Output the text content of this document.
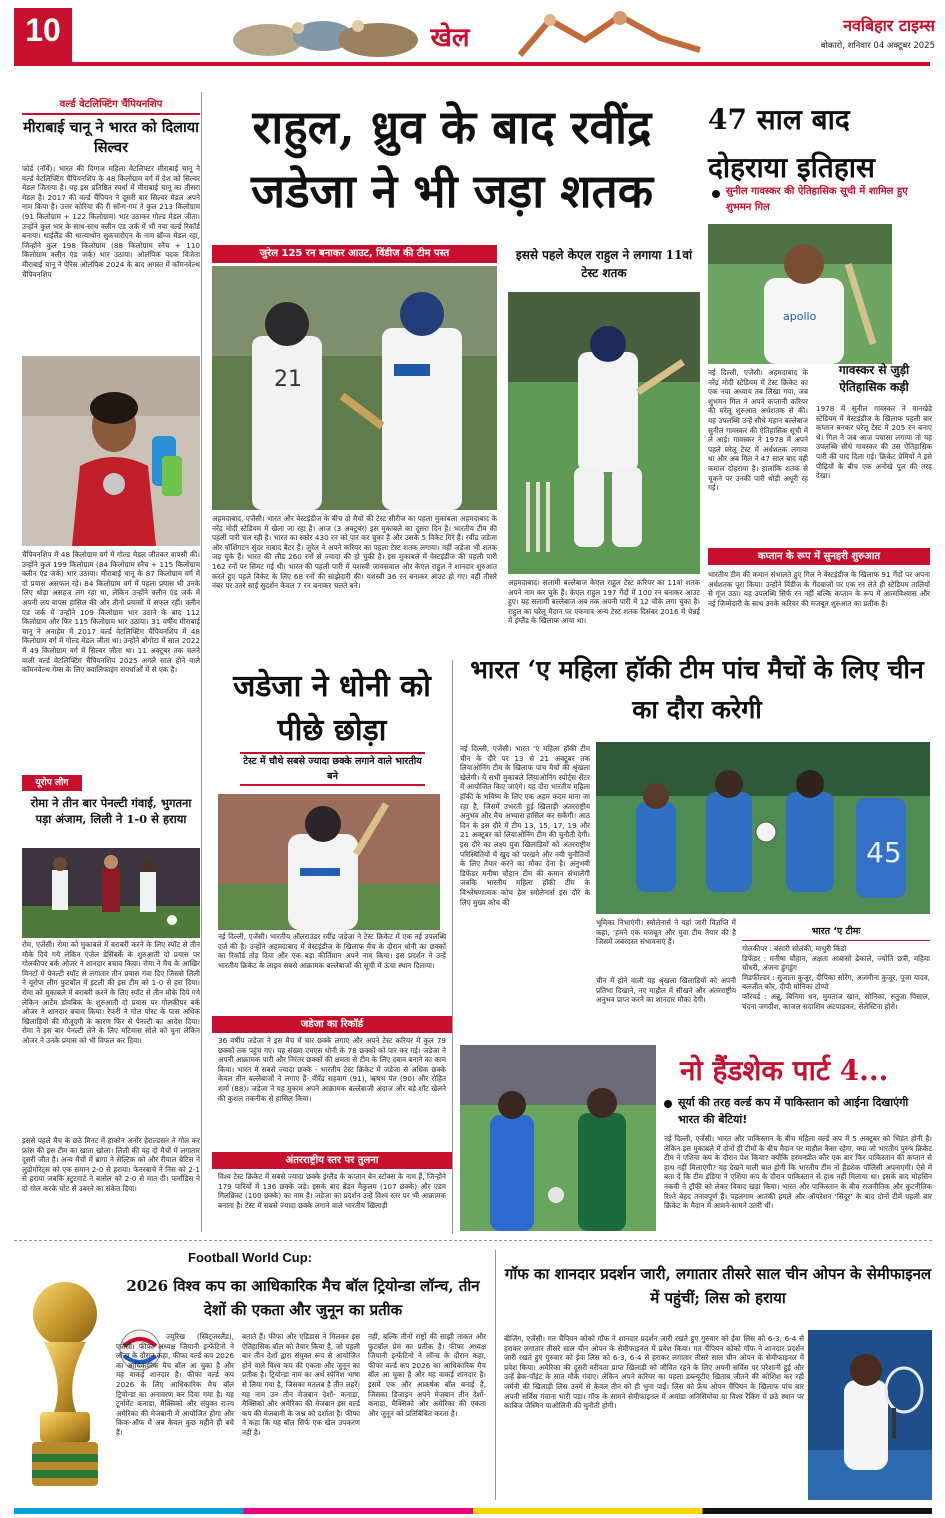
10	खेल	नवबिहार टाइम्स
बोकारो, शनिवार 04 अक्टूबर 2025
वर्ल्ड वेटलिफ्टिंग चैंपियनशिप
मीराबाई चानू ने भारत को दिलाया सिल्वर
फोर्ड (नॉर्वे)। भारत की दिग्गज महिला वेटलिफ्टर मीराबाई चानू ने वर्ल्ड वेटलिफ्टिंग चैंपियनशिप के 48 किलोग्राम वर्ग में देश को सिल्वर मेडल जिताया है। यह इस प्रतिष्ठित स्पर्धा में मीराबाई चानू का तीसरा मेडल है। 2017 की वर्ल्ड चैंपियन ने दूसरी बार सिल्वर मेडल अपने नाम किया है। उत्तर कोरिया की री सॉन्ग-गम ने कुल 213 किलोग्राम (91 किलोग्राम + 122 किलोग्राम) भार उठाकर गोल्ड मेडल जीता। उन्होंने कुल भार के साथ-साथ क्लीन एंड जर्क में भी नया वर्ल्ड रिकॉर्ड बनाया। थाईलैंड की थान्याथोन सुकचारोएन के नाम ब्रॉन्ज मेडल रहा, जिन्होंने कुल 198 किलोग्राम (88 किलोग्राम स्नैच + 110 किलोग्राम क्लीन एंड जर्क) भार उठाया। ओलंपिक पदक विजेता मीराबाई चानू ने पेरिस ओलंपिक 2024 के बाद अगस्त में कॉमनवेल्थ चैंपियनशिप
चैंपियनशिप में 48 किलोग्राम वर्ग में गोल्ड मेडल जीतकर वापसी की। उन्होंने कुल 199 किलोग्राम (84 किलोग्राम स्नैच + 115 किलोग्राम क्लीन एंड जर्क) भार उठाया। मीराबाई चानू के 87 किलोग्राम वर्ग में दो प्रयास असफल रहे। 84 किलोग्राम वर्ग में पहला प्रयास भी उनके लिए थोड़ा असहज लग रहा था, लेकिन उन्होंने क्लीन एंड जर्क में अपनी लय वापस हासिल की और तीनों प्रयासों में सफल रहीं। क्लीन एंड जर्क में उन्होंने 109 किलोग्राम भार उठाने के बाद 112 किलोग्राम और फिर 115 किलोग्राम भार उठाया। 31 वर्षीय मीराबाई चानू ने अनाहेम में 2017 वर्ल्ड वेटलिफ्टिंग चैंपियनशिप में 48 किलोग्राम वर्ग में गोल्ड मेडल जीता था। उन्होंने बोगोटा में साल 2022 में 49 किलोग्राम वर्ग में सिल्वर जीता था। 11 अक्टूबर तक चलने वाली वर्ल्ड वेटलिफ्टिंग चैंपियनशिप 2025 अगले साल होने वाले कॉमनवेल्थ गेम्स के लिए क्वालिफाइंग सपर्धाओं में से एक है।
यूरोप लीग
रोमा ने तीन बार पेनल्टी गंवाई, भुगतना पड़ा अंजाम, लिली ने 1-0 से हराया
रोम, एजेंसी। रोमा को मुकाबले में बराबरी करने के लिए स्पॉट से तीन मौके दिये गये लेकिन एंजेल डेसिंबर्के के शुरुआती दो प्रयास पर गोलकीपर बर्क ओजर ने शानदार बचाव किया। रोमा ने मैच के आखिर मिनटों में पेनल्टी स्पॉट से लगातार तीन प्रयास गंवा दिए जिससे लिली ने यूरोपा लीग फुटबॉल में इटली की इस टीम को 1-0 से हरा दिया। रोमा को मुकाबले में बराबरी करने के लिए स्पॉट से तीन मौके दिये गये लेकिन आर्टेम डोवबिक के शुरुआती दो प्रयास पर गोलकीपर बर्क ओजर ने शानदार बचाव किया। रेफरी ने गोल पोस्ट के पास अधिक खिलाड़ियों की मौजूदगी के कारण फिर से पेनल्टी का आदेश दिया। रोमा ने इस बार पेनल्टी लेने के लिए मटियास सोले को चुना लेकिन ओजर ने उनके प्रयास को भी विफल कर दिया।
इससे पहले मैच के छठे मिनट में हाकोन अर्नोर हेराल्डसन ने गोल कर फ्रांस की इस टीम का खाता खोला। लिली की यह दो मैचों में लगातार दूसरी जीत है। अन्य मैचों में ब्रागा ने सेल्टिक को और रीयाल बेटिस ने लुडोगोरेट्स को एक समान 2-0 से हराया। फेनरबाचे ने निस को 2-1 से हराया जबकि स्टुटगार्ट ने बासेल को 2-0 से मात दी। फर्नांडिस ने दो गोल करके चोट से उबरने का संकेत दिया।
राहुल, ध्रुव के बाद रवींद्र जडेजा ने भी जड़ा शतक
जुरेल 125 रन बनाकर आउट, विंडीज की टीम पस्त
21
अहमदाबाद, एजेंसी। भारत और वेस्टइंडीज के बीच दो मैचों की टेस्ट सीरीज का पहला मुकाबला अहमदाबाद के नरेंद्र मोदी स्टेडियम में खेला जा रहा है। आज (3 अक्टूबर) इस मुकाबले का दूसरा दिन है। भारतीय टीम की पहली पारी चल रही है। भारत का स्कोर 430 रन को पार कर चुका है और उसके 5 विकेट गिरे हैं। रवींद्र जडेजा और वॉशिंगटन सुंदर नाबाद बैटर हैं। जुरेल ने अपने करियर का पहला टेस्ट शतक लगाया। वहीं जडेजा भी शतक जड़ चुके हैं। भारत की लीड 260 रनों से ज्यादा की हो चुकी है। इस मुकाबले में वेस्टइंडीज की पहली पारी 162 रनों पर सिमट गई थी। भारत की पहली पारी में यशस्वी जायसवाल और केएल राहुल ने शानदार शुरुआत करते हुए पहले विकेट के लिए 68 रनों की साझेदारी की। यशस्वी 36 रन बनाकर आउट हो गए। वहीं तीसरे नंबर पर उतरे साई सुदर्शन केवल 7 रन बनाकर चलते बने।
इससे पहले केएल राहुल ने लगाया 11वां टेस्ट शतक
अहमदाबाद। सलामी बल्लेबाज केएल राहुल टेस्ट करियर का 11वां शतक अपने नाम कर चुके हैं। केएल राहुल 197 गेंदों में 100 रन बनाकर आउट हुए। यह सलामी बल्लेबाज अब तक अपनी पारी में 12 चौके लगा चुका है। राहुल का घरेलू मैदान पर एकमात्र अन्य टेस्ट शतक दिसंबर 2016 में चेन्नई में इंग्लैंड के खिलाफ आया था।
47 साल बाद दोहराया इतिहास
सुनील गावस्कर की ऐतिहासिक सूची में शामिल हुए शुभमन गिल
apollo
नई दिल्ली, एजेंसी। अहमदाबाद के नरेंद्र मोदी स्टेडियम में टेस्ट क्रिकेट का एक नया अध्याय तब लिखा गया, जब शुभमन गिल ने अपने कप्तानी करियर की घरेलू शुरुआत अर्धशतक से की। यह उपलब्धि उन्हें सीधे महान बल्लेबाज सुनील गावस्कर की ऐतिहासिक सूची में ले आई। गावस्कर ने 1978 में अपने पहले घरेलू टेस्ट में अर्धशतक लगाया था और अब गिल ने 47 साल बाद वही कमाल दोहराया है। हालांकि शतक से चूकने पर उनकी पारी थोड़ी अधूरी रह गई।
गावस्कर से जुड़ी ऐतिहासिक कड़ी
1978 में सुनील गावस्कर ने वानखेड़े स्टेडियम में वेस्टइंडीज के खिलाफ पहली बार कप्तान बनकर घरेलू टेस्ट में 205 रन बनाए थे। गिल ने जब आज पचासा लगाया तो यह उपलब्धि सीधे गावस्कर की उस ऐतिहासिक पारी की याद दिला गई। क्रिकेट प्रेमियों ने इसे पीढ़ियों के बीच एक अनोखे पुल की तरह देखा।
कप्तान के रूप में सुनहरी शुरुआत
भारतीय टीम की कमान संभालते हुए गिल ने वेस्टइंडीज के खिलाफ 91 गेंदों पर अपना अर्धशतक पूरा किया। उन्होंने विंडीज के गेंदबाजों पर एक रन लेते ही स्टेडियम तालियों से गूंज उठा। यह उपलब्धि सिर्फ रन नहीं बल्कि कप्तान के रूप में आत्मविश्वास और नई जिम्मेदारी के साथ उनके करियर की मजबूत शुरुआत का प्रतीक है।
जडेजा ने धोनी को पीछे छोड़ा
टेस्ट में चौथे सबसे ज्यादा छक्के लगाने वाले भारतीय बने
नई दिल्ली, एजेंसी। भारतीय ऑलराउंडर रवींद्र जडेजा ने टेस्ट क्रिकेट में एक नई उपलब्धि दर्ज की है। उन्होंने अहमदाबाद में वेस्टइंडीज के खिलाफ मैच के दौरान धोनी का छक्कों का रिकॉर्ड तोड़ दिया और एक बड़ा कीर्तिमान अपने नाम किया। इस प्रदर्शन ने उन्हें भारतीय क्रिकेट के लाइव सबसे आक्रामक बल्लेबाजों की सूची में ऊंचा स्थान दिलाया।
जडेजा का रिकॉर्ड
36 वर्षीय जडेजा ने इस मैच में चार छक्के लगाए और अपने टेस्ट करियर में कुल 79 छक्कों तक पहुंच गए। यह संख्या एमएस धोनी के 78 छक्कों को पार कर गई। जडेजा ने अपनी आक्रामक पारी और निरंतर छक्कों की क्षमता से टीम के लिए दबाव बनाने का काम किया। भारत में सबसे ज्यादा छक्के - भारतीय टेस्ट क्रिकेट में जडेजा से अधिक छक्के केवल तीन बल्लेबाजों ने लगाए हैं- वीरेंद्र सहवाग (91), ऋषभ पंत (90) और रोहित शर्मा (88)। जडेजा ने यह मुकाम अपने आक्रामक बल्लेबाजी अंदाज और बड़े शॉट खेलने की कुशल तकनीक से हासिल किया।
अंतरराष्ट्रीय स्तर पर तुलना
विश्व टेस्ट क्रिकेट में सबसे ज्यादा छक्के इंग्लैंड के कप्तान बेन स्टोक्स के नाम हैं, जिन्होंने 179 पारियों में 136 छक्के जड़े। इसके बाद ब्रेंडन मैकुलम (107 छक्के) और एडम गिलक्रिस्ट (100 छक्के) का नाम है। जडेजा का प्रदर्शन उन्हें विश्व स्तर पर भी आक्रामक बनाता है। टेस्ट में सबसे ज्यादा छक्के लगाने वाले भारतीय खिलाड़ी
भारत ‘ए महिला हॉकी टीम पांच मैचों के लिए चीन का दौरा करेगी
नई दिल्ली, एजेंसी। भारत ‘ए महिला हॉकी टीम चीन के दौरे पर 13 से 21 अक्टूबर तक लियाओनिंग टीम के खिलाफ पांच मैचों की श्रृंखला खेलेगी। ये सभी मुकाबले लियाओनिंग स्पोर्ट्स सेंटर में आयोजित किए जाएंगे। यह दौरा भारतीय महिला हॉकी के भविष्य के लिए एक अहम कदम माना जा रहा है, जिसमें उभरती हुई खिलाड़ी अंतरराष्ट्रीय अनुभव और मैच अभ्यास हासिल कर सकेंगी। आठ दिन के इस दौरे में टीम 13, 15, 17, 19 और 21 अक्टूबर को लियाओनिंग टीम की चुनौती देगी। इस दौरे का लक्ष्य युवा खिलाड़ियों को अंतरराष्ट्रीय परिस्थितियों में खुद को परखने और नयी चुनौतियों के लिए तैयार करने का मौका देना है। अनुभवी डिफेंडर मनीषा चौहान टीम की कमान संभालेंगी जबकि भारतीय महिला हॉकी टीम के विश्लेषणात्मक कोच हेल स्मोलेनार्स इस दौरे के लिए मुख्य कोच की
45
भूमिका निभाएंगी। स्मोलेनार्स ने यहां जारी विज्ञप्ति में कहा, ‘हमने एक मजबूत और युवा टीम तैयार की है जिसमें जबरदस्त संभावनाएं हैं।
चीन में होने वाली यह श्रृंखला खिलाड़ियों को अपनी प्रतिभा दिखाने, नए माहौल में सीखने और अंतरराष्ट्रीय अनुभव प्राप्त करने का शानदार मौका देगी।
भारत ‘ए टीमः
गोलकीपर : बंसारी सोलंकी, माधुरी किंडो
डिफेंडर : मनीषा चौहान, अक्षता आबासो ढेकाले, ज्योति छत्री, महिमा चौधरी, अंजना डुंगडुंग
मिडफील्डर : सुजाता कुजूर, दीपिका सोरेंग, अजमीना कुजूर, पूजा यादव, बलजीत कौर, दीपी मोनिका टोप्पो
फॉरवर्ड : अन्नू, बिनिमा धन, मुमताज खान, सोनिका, रुतुजा पिसाल, चंदना जगदीश, काजल सदाशिव अटपाडकर, सेलेस्टिना होरो।
नो हैंडशेक पार्ट 4...
सूर्या की तरह वर्ल्ड कप में पाकिस्तान को आईना दिखाएंगी भारत की बेटियां!
नई दिल्ली, एजेंसी। भारत और पाकिस्तान के बीच महिला वर्ल्ड कप में 5 अक्टूबर को भिड़ंत होनी है। लेकिन इस मुकाबले में दोनों ही टीमों के बीच मैदान पर माहौल कैसा रहेगा, क्या जो भारतीय पुरुष क्रिकेट टीम ने एशिया कप के दौरान पेश किया? क्योंकि हरमनप्रीत कौर एक बार फिर पाकिस्तान की कप्तान से हाथ नहीं मिलाएंगी? यह देखने वाली बात होगी कि भारतीय टीम नो हैंडशेक पॉलिसी अपनाएगी। ऐसे में बता दें कि टीम इंडिया ने एशिया कप के दौरान पाकिस्तान से हाथ नहीं मिलाया था। इसके बाद मोहसिन नकवी ने ट्रॉफी को लेकर विवाद खड़ा किया। भारत और पाकिस्तान के बीच राजनीतिक और कूटनीतिक रिश्ते बेहद तनावपूर्ण हैं। पहलगाम आतंकी हमले और ऑपरेशन ‘सिंदूर’ के बाद दोनों टीमें पहली बार क्रिकेट के मैदान में आमने-सामने उतरी थीं।
Football World Cup:
2026 विश्व कप का आधिकारिक मैच बॉल ट्रियोन्डा लॉन्च, तीन देशों की एकता और जुनून का प्रतीक
ज्यूरिख (स्विट्जरलैंड), एजेंसी। फीफा अध्यक्ष जियानी इन्फेंटिनो ने लॉन्च के दौरान कहा, फीफा वर्ल्ड कप 2026 का आधिकारिक मैच बॉल आ चुका है और यह वाकई शानदार है। फीफा वर्ल्ड कप 2026 के लिए आधिकारिक मैच बॉल ट्रियोन्डा का अनावरण कर दिया गया है। यह टूर्नामेंट कनाडा, मैक्सिको और संयुक्त राज्य अमेरिका की मेजबानी में आयोजित होगा और किक-ऑफ में अब केवल कुछ महीने ही बचे हैं।
बताते हैं। फीफा और एडिडास ने मिलकर इस ऐतिहासिक बॉल को तैयार किया है, जो पहली बार तीन देशों द्वारा संयुक्त रूप से आयोजित होने वाले विश्व कप की एकता और जुनून का प्रतीक है। ट्रियोन्डा नाम का अर्थ स्पेनिश भाषा से लिया गया है, जिसका मतलब है तीन लहरें। यह नाम उन तीन मेजबान देशों- कनाडा, मैक्सिको और अमेरिका की मेजबान इस वर्ल्ड कप की मेजबानी के जश्न को दर्शाता है। फीफा ने कहा कि यह बॉल सिर्फ एक खेल उपकरण नहीं है।
नहीं, बल्कि तीनों राष्ट्रों की साझी ताकत और फुटबॉल प्रेम का प्रतीक है। फीफा अध्यक्ष जियानी इन्फेंटिनो ने लॉन्च के दौरान कहा, फीफा वर्ल्ड कप 2026 का आधिकारिक मैच बॉल आ चुका है और यह वाकई शानदार है। इसमें एक और आकर्षक बॉल बनाई है, जिसका डिजाइन अपने मेजबान तीन देशों- कनाडा, मैक्सिको और अमेरिका की एकता और जुनून को प्रतिबिंबित करता है।
गॉफ का शानदार प्रदर्शन जारी, लगातार तीसरे साल चीन ओपन के सेमीफाइनल में पहुंचीं; लिस को हराया
बीजिंग, एजेंसी। गत चैंपियन कोको गॉफ ने शानदार प्रदर्शन जारी रखते हुए गुरुवार को ईवा लिस को 6-3, 6-4 से हराकर लगातार तीसरे साल चीन ओपन के सेमीफाइनल में प्रवेश किया। गत चैंपियन कोको गॉफ ने शानदार प्रदर्शन जारी रखते हुए गुरुवार को ईवा लिस को 6-3, 6-4 से हराकर लगातार तीसरे साल चीन ओपन के सेमीफाइनल में प्रवेश किया। अमेरिका की दूसरी वरीयता प्राप्त खिलाड़ी को जीवित रहने के लिए अपनी सर्विस पर परेशानी हुई और उन्हें ब्रेक-पॉइंट के सात मौके गंवाए। लेकिन अपने करियर का पहला डब्ल्यूटीए खिताब जीतने की कोशिश कर रहीं जर्मनी की खिलाड़ी लिस उनमें से केवल तीन को ही भुना पाईं। लिस को फ्रेंच ओपन चैंपियन के खिलाफ पांच बार अपनी सर्विस गंवाना भारी पड़ा। गॉफ के सामने सेमीफाइनल में अमांडा अनिसिमोवा या विश्व रैंकिंग में छठे स्थान पर काबिज जैस्मिन पाओलिनी की चुनौती होगी।
